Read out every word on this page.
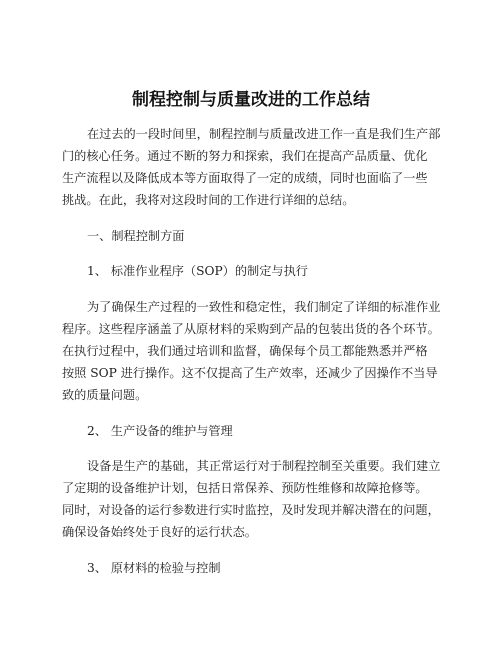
制程控制与质量改进的工作总结
在过去的一段时间里，制程控制与质量改进工作一直是我们生产部
门的核心任务。通过不断的努力和探索，我们在提高产品质量、优化
生产流程以及降低成本等方面取得了一定的成绩，同时也面临了一些
挑战。在此，我将对这段时间的工作进行详细的总结。
一、制程控制方面
1、 标准作业程序（SOP）的制定与执行
为了确保生产过程的一致性和稳定性，我们制定了详细的标准作业
程序。这些程序涵盖了从原材料的采购到产品的包装出货的各个环节。
在执行过程中，我们通过培训和监督，确保每个员工都能熟悉并严格
按照 SOP 进行操作。这不仅提高了生产效率，还减少了因操作不当导
致的质量问题。
2、 生产设备的维护与管理
设备是生产的基础，其正常运行对于制程控制至关重要。我们建立
了定期的设备维护计划，包括日常保养、预防性维修和故障抢修等。
同时，对设备的运行参数进行实时监控，及时发现并解决潜在的问题，
确保设备始终处于良好的运行状态。
3、 原材料的检验与控制
